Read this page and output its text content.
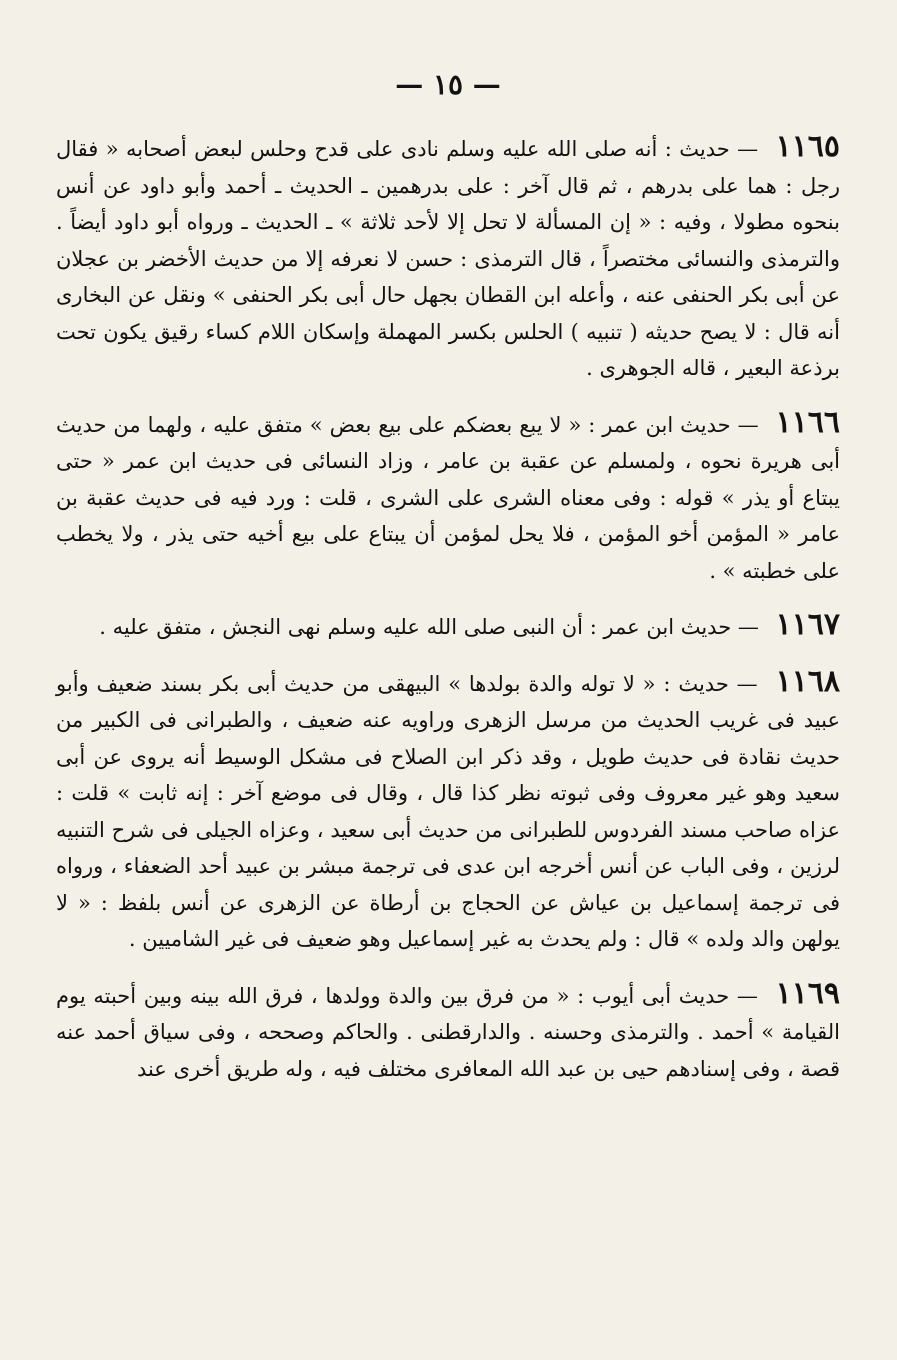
— ١٥ —
١١٦٥ — حديث : أنه صلى الله عليه وسلم نادى على قدح وحلس لبعض أصحابه « فقال رجل : هما على بدرهم ، ثم قال آخر : على بدرهمين ـ الحديث ـ أحمد وأبو داود عن أنس بنحوه مطولا ، وفيه : « إن المسألة لا تحل إلا لأحد ثلاثة » ـ الحديث ـ ورواه أبو داود أيضاً . والترمذى والنسائى مختصراً ، قال الترمذى : حسن لا نعرفه إلا من حديث الأخضر بن عجلان عن أبى بكر الحنفى عنه ، وأعله ابن القطان بجهل حال أبى بكر الحنفى » ونقل عن البخارى أنه قال : لا يصح حديثه ( تنبيه ) الحلس بكسر المهملة وإسكان اللام كساء رقيق يكون تحت برذعة البعير ، قاله الجوهرى .
١١٦٦ — حديث ابن عمر : « لا يبع بعضكم على بيع بعض » متفق عليه ، ولهما من حديث أبى هريرة نحوه ، ولمسلم عن عقبة بن عامر ، وزاد النسائى فى حديث ابن عمر « حتى يبتاع أو يذر » قوله : وفى معناه الشرى على الشرى ، قلت : ورد فيه فى حديث عقبة بن عامر « المؤمن أخو المؤمن ، فلا يحل لمؤمن أن يبتاع على بيع أخيه حتى يذر ، ولا يخطب على خطبته » .
١١٦٧ — حديث ابن عمر : أن النبى صلى الله عليه وسلم نهى النجش ، متفق عليه .
١١٦٨ — حديث : « لا توله والدة بولدها » البيهقى من حديث أبى بكر بسند ضعيف وأبو عبيد فى غريب الحديث من مرسل الزهرى وراويه عنه ضعيف ، والطبرانى فى الكبير من حديث نقادة فى حديث طويل ، وقد ذكر ابن الصلاح فى مشكل الوسيط أنه يروى عن أبى سعيد وهو غير معروف وفى ثبوته نظر كذا قال ، وقال فى موضع آخر : إنه ثابت » قلت : عزاه صاحب مسند الفردوس للطبرانى من حديث أبى سعيد ، وعزاه الجيلى فى شرح التنبيه لرزين ، وفى الباب عن أنس أخرجه ابن عدى فى ترجمة مبشر بن عبيد أحد الضعفاء ، ورواه فى ترجمة إسماعيل بن عياش عن الحجاج بن أرطاة عن الزهرى عن أنس بلفظ : « لا يولهن والد ولده » قال : ولم يحدث به غير إسماعيل وهو ضعيف فى غير الشاميين .
١١٦٩ — حديث أبى أيوب : « من فرق بين والدة وولدها ، فرق الله بينه وبين أحبته يوم القيامة » أحمد . والترمذى وحسنه . والدارقطنى . والحاكم وصححه ، وفى سياق أحمد عنه قصة ، وفى إسنادهم حيى بن عبد الله المعافرى مختلف فيه ، وله طريق أخرى عند
